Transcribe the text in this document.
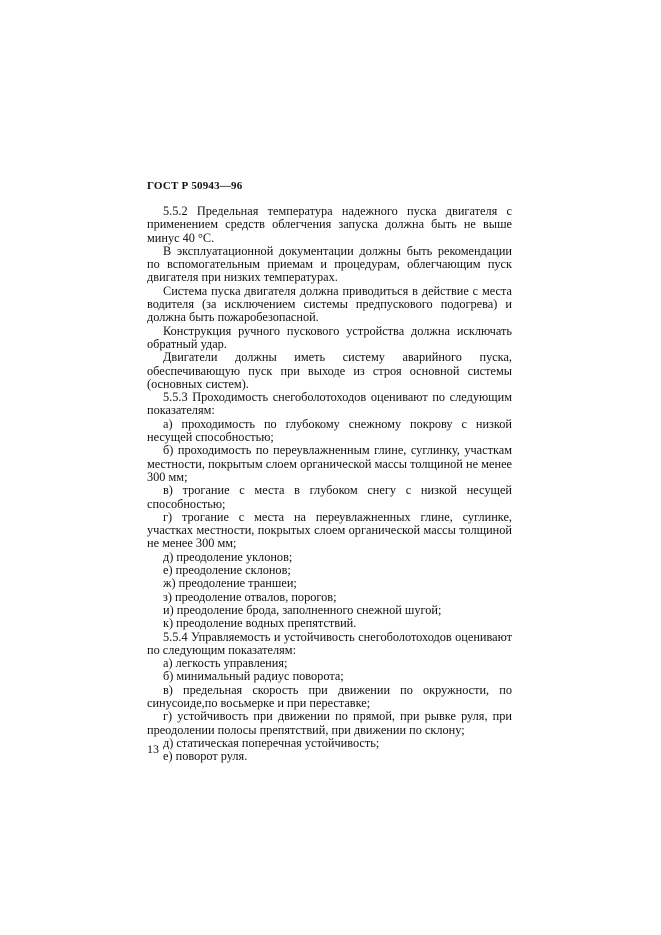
ГОСТ Р 50943—96

5.5.2 Предельная температура надежного пуска двигателя с применением средств облегчения запуска должна быть не выше минус 40 °С.

В эксплуатационной документации должны быть рекомендации по вспомогательным приемам и процедурам, облегчающим пуск двигателя при низких температурах.

Система пуска двигателя должна приводиться в действие с места водителя (за исключением системы предпускового подогрева) и должна быть пожаробезопасной.

Конструкция ручного пускового устройства должна исключать обратный удар.

Двигатели должны иметь систему аварийного пуска, обеспечивающую пуск при выходе из строя основной системы (основных систем).

5.5.3 Проходимость снегоболотоходов оценивают по следующим показателям:

а) проходимость по глубокому снежному покрову с низкой несущей способностью;

б) проходимость по переувлажненным глине, суглинку, участкам местности, покрытым слоем органической массы толщиной не менее 300 мм;

в) трогание с места в глубоком снегу с низкой несущей способностью;

г) трогание с места на переувлажненных глине, суглинке, участках местности, покрытых слоем органической массы толщиной не менее 300 мм;

д) преодоление уклонов;

е) преодоление склонов;

ж) преодоление траншеи;

з) преодоление отвалов, порогов;

и) преодоление брода, заполненного снежной шугой;

к) преодоление водных препятствий.

5.5.4 Управляемость и устойчивость снегоболотоходов оценивают по следующим показателям:

а) легкость управления;

б) минимальный радиус поворота;

в) предельная скорость при движении по окружности, по синусоиде,по восьмерке и при переставке;

г) устойчивость при движении по прямой, при рывке руля, при преодолении полосы препятствий, при движении по склону;

д) статическая поперечная устойчивость;

е) поворот руля.

13
